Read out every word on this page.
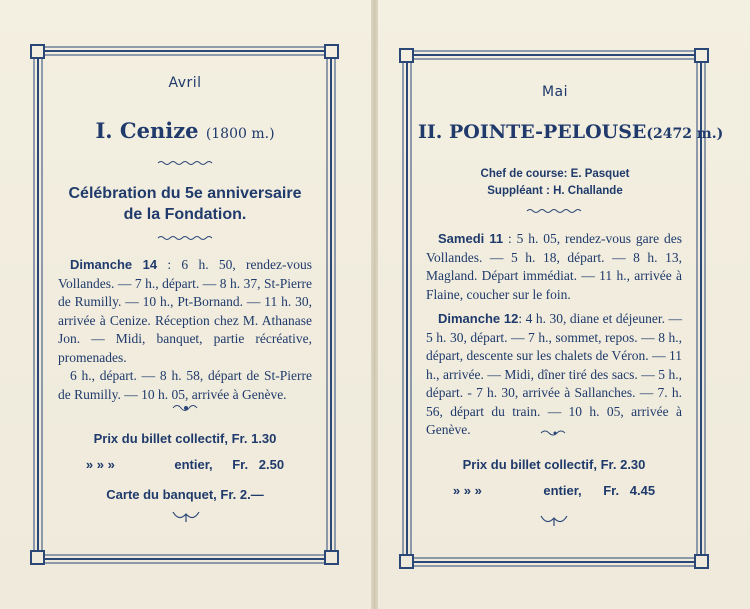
Avril
I. Cenize (1800 m.)
Célébration du 5e anniversaire
de la Fondation.

Dimanche 14 : 6 h. 50, rendez-vous Vollandes. — 7 h., départ. — 8 h. 37, St-Pierre de Rumilly. — 10 h., Pt-Bornand. — 11 h. 30, arrivée à Cenize. Réception chez M. Athanase Jon. — Midi, banquet, partie récréative, promenades.

6 h., départ. — 8 h. 58, départ de St-Pierre de Rumilly. — 10 h. 05, arrivée à Genève.

Prix du billet collectif, Fr. 1.30
» » »	entier, Fr. 2.50
Carte du banquet, Fr. 2.—
Mai
II. POINTE-PELOUSE(2472 m.)
Chef de course: E. Pasquet
Suppléant : H. Challande

Samedi 11 : 5 h. 05, rendez-vous gare des Vollandes. — 5 h. 18, départ. — 8 h. 13, Magland. Départ immédiat. — 11 h., arrivée à Flaine, coucher sur le foin.

Dimanche 12: 4 h. 30, diane et déjeuner. — 5 h. 30, départ. — 7 h., sommet, repos. — 8 h., départ, descente sur les chalets de Véron. — 11 h., arrivée. — Midi, dîner tiré des sacs. — 5 h., départ. - 7 h. 30, arrivée à Sallanches. — 7. h. 56, départ du train. — 10 h. 05, arrivée à Genève.

Prix du billet collectif, Fr. 2.30
» » »	entier, Fr. 4.45
